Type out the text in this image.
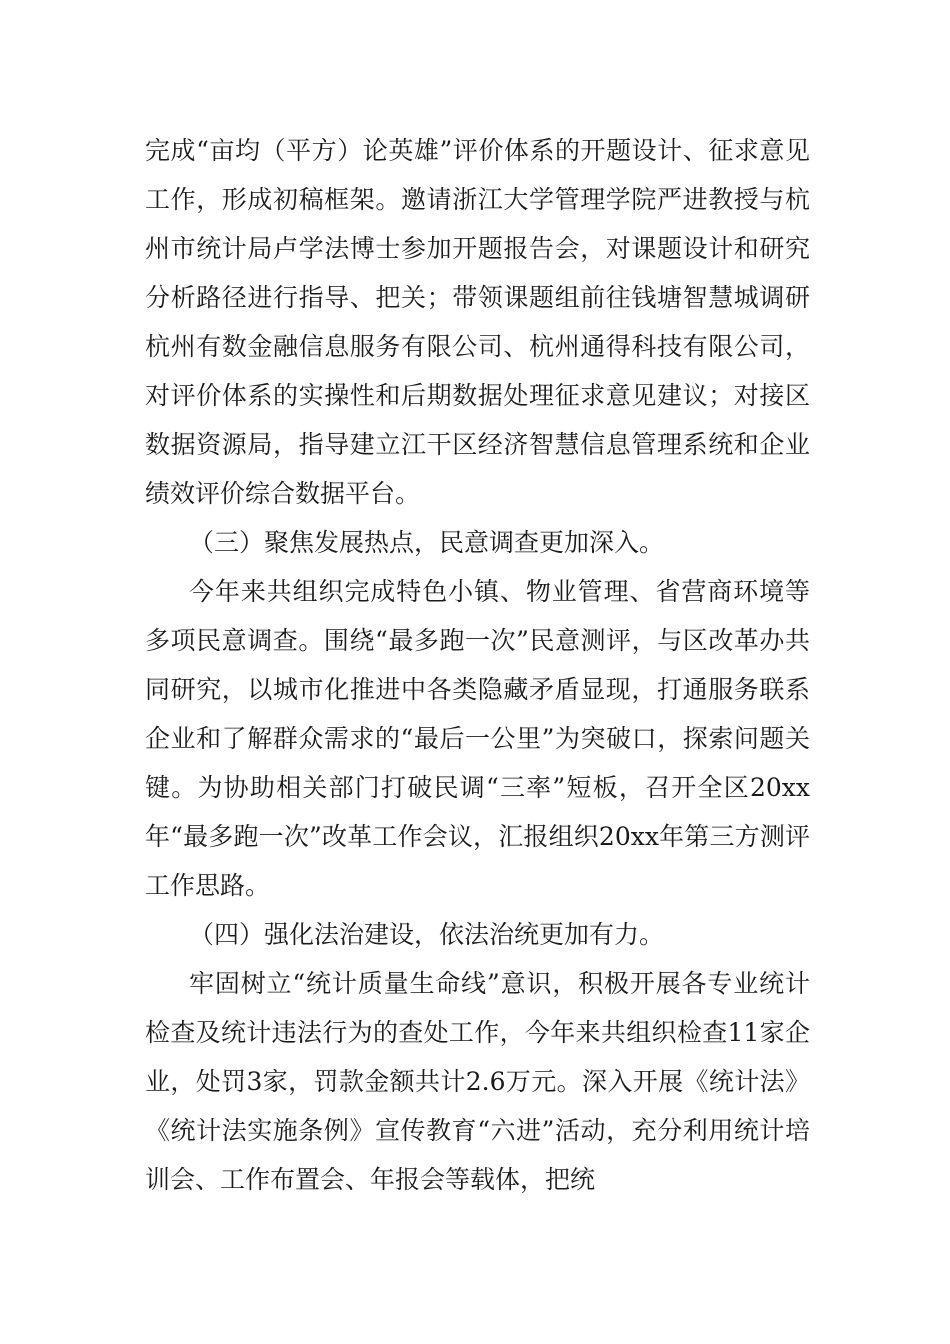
完成“亩均（平方）论英雄”评价体系的开题设计、征求意见工作，形成初稿框架。邀请浙江大学管理学院严进教授与杭州市统计局卢学法博士参加开题报告会，对课题设计和研究分析路径进行指导、把关；带领课题组前往钱塘智慧城调研杭州有数金融信息服务有限公司、杭州通得科技有限公司，对评价体系的实操性和后期数据处理征求意见建议；对接区数据资源局，指导建立江干区经济智慧信息管理系统和企业绩效评价综合数据平台。

（三）聚焦发展热点，民意调查更加深入。

今年来共组织完成特色小镇、物业管理、省营商环境等多项民意调查。围绕“最多跑一次”民意测评，与区改革办共同研究，以城市化推进中各类隐藏矛盾显现，打通服务联系企业和了解群众需求的“最后一公里”为突破口，探索问题关键。为协助相关部门打破民调“三率”短板，召开全区20xx年“最多跑一次”改革工作会议，汇报组织20xx年第三方测评工作思路。

（四）强化法治建设，依法治统更加有力。

牢固树立“统计质量生命线”意识，积极开展各专业统计检查及统计违法行为的查处工作，今年来共组织检查11家企业，处罚3家，罚款金额共计2.6万元。深入开展《统计法》《统计法实施条例》宣传教育“六进”活动，充分利用统计培训会、工作布置会、年报会等载体，把统
